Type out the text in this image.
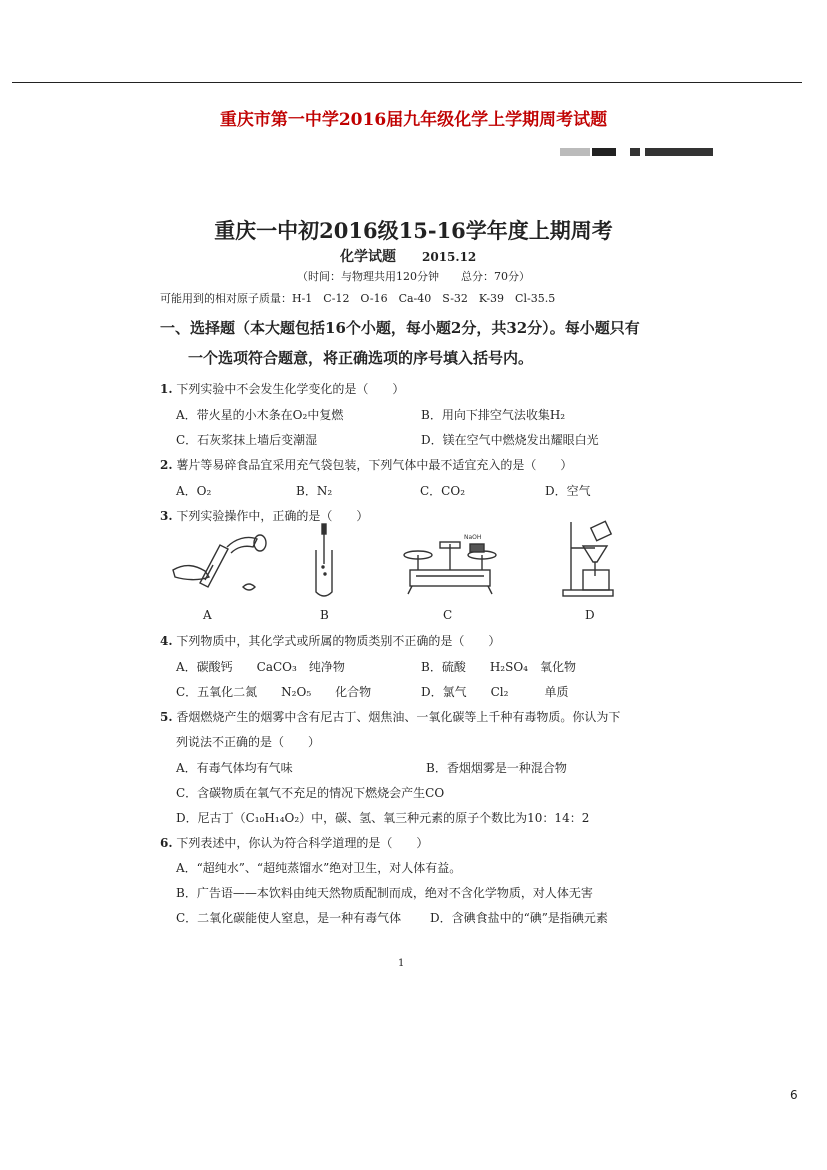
重庆市第一中学2016届九年级化学上学期周考试题
重庆一中初2016级15-16学年度上期周考
化学试题 2015.12
（时间：与物理共用120分钟　　总分：70分）
可能用到的相对原子质量：H-1　C-12　O-16　Ca-40　S-32　K-39　Cl-35.5
一、选择题（本大题包括16个小题，每小题2分，共32分）。每小题只有
一个选项符合题意，将正确选项的序号填入括号内。
1. 下列实验中不会发生化学变化的是（　　）
A．带火星的小木条在O₂中复燃	B．用向下排空气法收集H₂
C．石灰浆抹上墙后变潮湿	D．镁在空气中燃烧发出耀眼白光
2. 薯片等易碎食品宜采用充气袋包装，下列气体中最不适宜充入的是（　　）
A．O₂	B．N₂	C．CO₂	D．空气
3. 下列实验操作中，正确的是（　　）
NaOH
A	B	C	D
4. 下列物质中，其化学式或所属的物质类别不正确的是（　　）
A．碳酸钙　　CaCO₃　纯净物	B．硫酸　　H₂SO₄　氧化物
C．五氧化二氮　　N₂O₅　　化合物	D．氯气　　Cl₂　　　单质
5. 香烟燃烧产生的烟雾中含有尼古丁、烟焦油、一氧化碳等上千种有毒物质。你认为下
列说法不正确的是（　　）
A．有毒气体均有气味	B．香烟烟雾是一种混合物
C．含碳物质在氧气不充足的情况下燃烧会产生CO
D．尼古丁（C₁₀H₁₄O₂）中，碳、氢、氧三种元素的原子个数比为10：14：2
6. 下列表述中，你认为符合科学道理的是（　　）
A．“超纯水”、“超纯蒸馏水”绝对卫生，对人体有益。
B．广告语——本饮料由纯天然物质配制而成，绝对不含化学物质，对人体无害
C．二氧化碳能使人窒息，是一种有毒气体 D．含碘食盐中的“碘”是指碘元素
1
6
